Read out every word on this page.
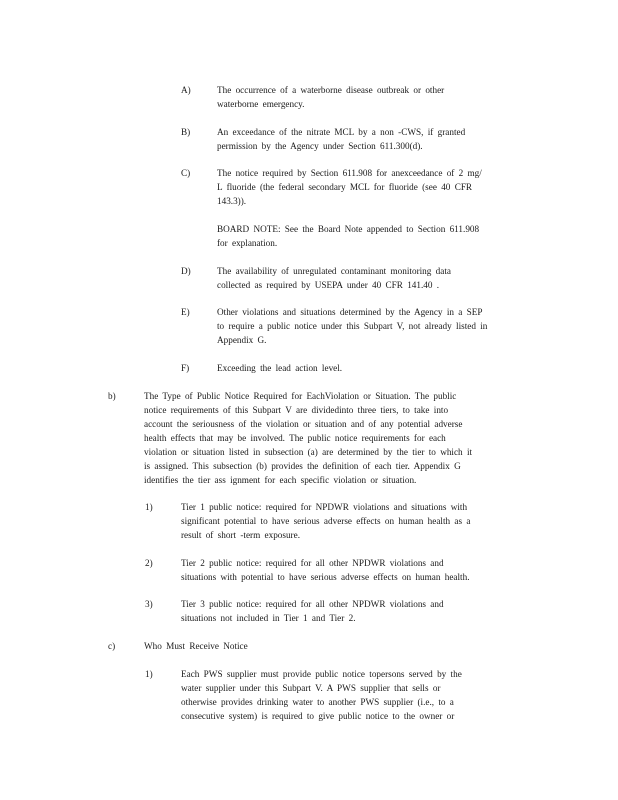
A)	The occurrence of a waterborne disease outbreak or other
waterborne emergency.

B)	An exceedance of the nitrate MCL by a non -CWS, if granted
permission by the Agency under Section 611.300(d).

C)	The notice required by Section 611.908 for anexceedance of 2 mg/
L fluoride (the federal secondary MCL for fluoride (see 40 CFR
143.3)).

BOARD NOTE: See the Board Note appended to Section 611.908
for explanation.

D)	The availability of unregulated contaminant monitoring data
collected as required by USEPA under 40 CFR 141.40 .

E)	Other violations and situations determined by the Agency in a SEP
to require a public notice under this Subpart V, not already listed in
Appendix G.

F)	Exceeding the lead action level.

b)	The Type of Public Notice Required for EachViolation or Situation. The public
notice requirements of this Subpart V are dividedinto three tiers, to take into
account the seriousness of the violation or situation and of any potential adverse
health effects that may be involved. The public notice requirements for each
violation or situation listed in subsection (a) are determined by the tier to which it
is assigned. This subsection (b) provides the definition of each tier. Appendix G
identifies the tier ass ignment for each specific violation or situation.

1)	Tier 1 public notice: required for NPDWR violations and situations with
significant potential to have serious adverse effects on human health as a
result of short -term exposure.

2)	Tier 2 public notice: required for all other NPDWR violations and
situations with potential to have serious adverse effects on human health.

3)	Tier 3 public notice: required for all other NPDWR violations and
situations not included in Tier 1 and Tier 2.

c)	Who Must Receive Notice

1)	Each PWS supplier must provide public notice topersons served by the
water supplier under this Subpart V. A PWS supplier that sells or
otherwise provides drinking water to another PWS supplier (i.e., to a
consecutive system) is required to give public notice to the owner or
